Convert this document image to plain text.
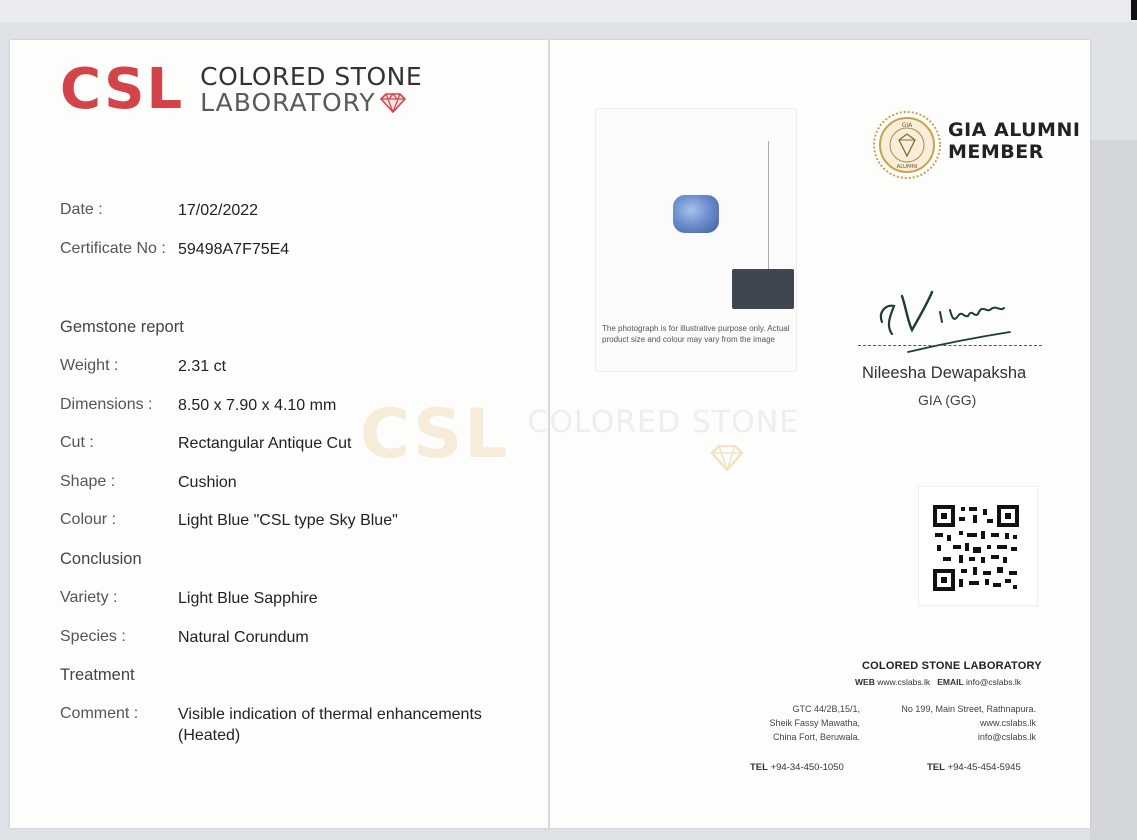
CSL COLORED STONE
CSL COLORED STONE
LABORATORY
Date :	17/02/2022
Certificate No : 59498A7F75E4
Gemstone report
Weight :	2.31 ct
Dimensions :	8.50 x 7.90 x 4.10 mm
Cut :	Rectangular Antique Cut
Shape :	Cushion
Colour :	Light Blue "CSL type Sky Blue"
Conclusion
Variety :	Light Blue Sapphire
Species :	Natural Corundum
Treatment
Comment :	Visible indication of thermal enhancements (Heated)
The photograph is for illustrative purpose only. Actual product size and colour may vary from the image
GIA
ALUMNI
GIA ALUMNI
MEMBER
Nileesha Dewapaksha
GIA (GG)
COLORED STONE LABORATORY
WEB www.cslabs.lk EMAIL info@cslabs.lk
GTC 44/2B,15/1,
Sheik Fassy Mawatha,
China Fort, Beruwala.
No 199, Main Street, Rathnapura.
www.cslabs.lk
info@cslabs.lk
TEL +94-34-450-1050	TEL +94-45-454-5945
